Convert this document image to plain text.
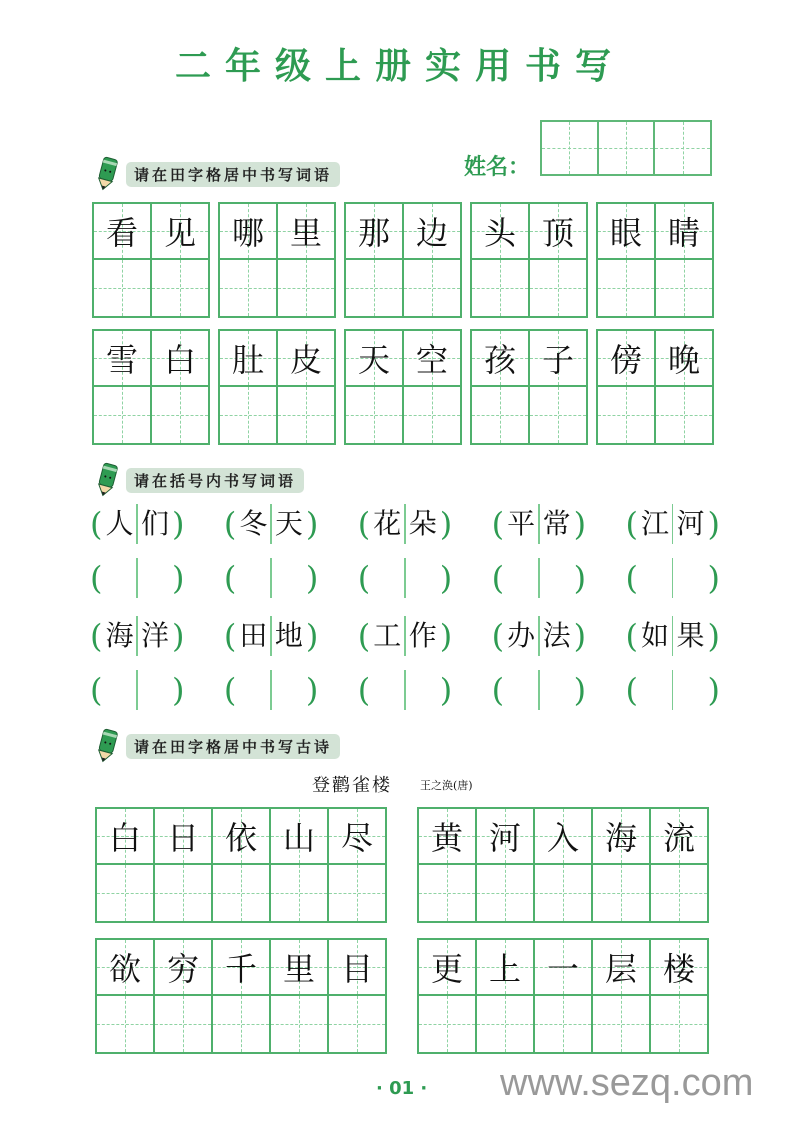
二年级上册实用书写
姓名：
请在田字格居中书写词语
请在括号内书写词语
( 人 们 ) ( 冬 天 ) ( 花 朵 ) ( 平 常 ) ( 江 河 )
( ) ( ) ( ) ( ) ( )
( 海 洋 ) ( 田 地 ) ( 工 作 ) ( 办 法 ) ( 如 果 )
( ) ( ) ( ) ( ) ( )
请在田字格居中书写古诗
登鹳雀楼	王之涣(唐)
· 01 · www.sezq.com
看 见
雪 白
哪 里
肚 皮
那 边
天 空
头 顶
孩 子
眼 睛
傍 晚
白 日 依 山 尽 黄 河 入 海 流
欲 穷 千 里 目 更 上 一 层 楼
